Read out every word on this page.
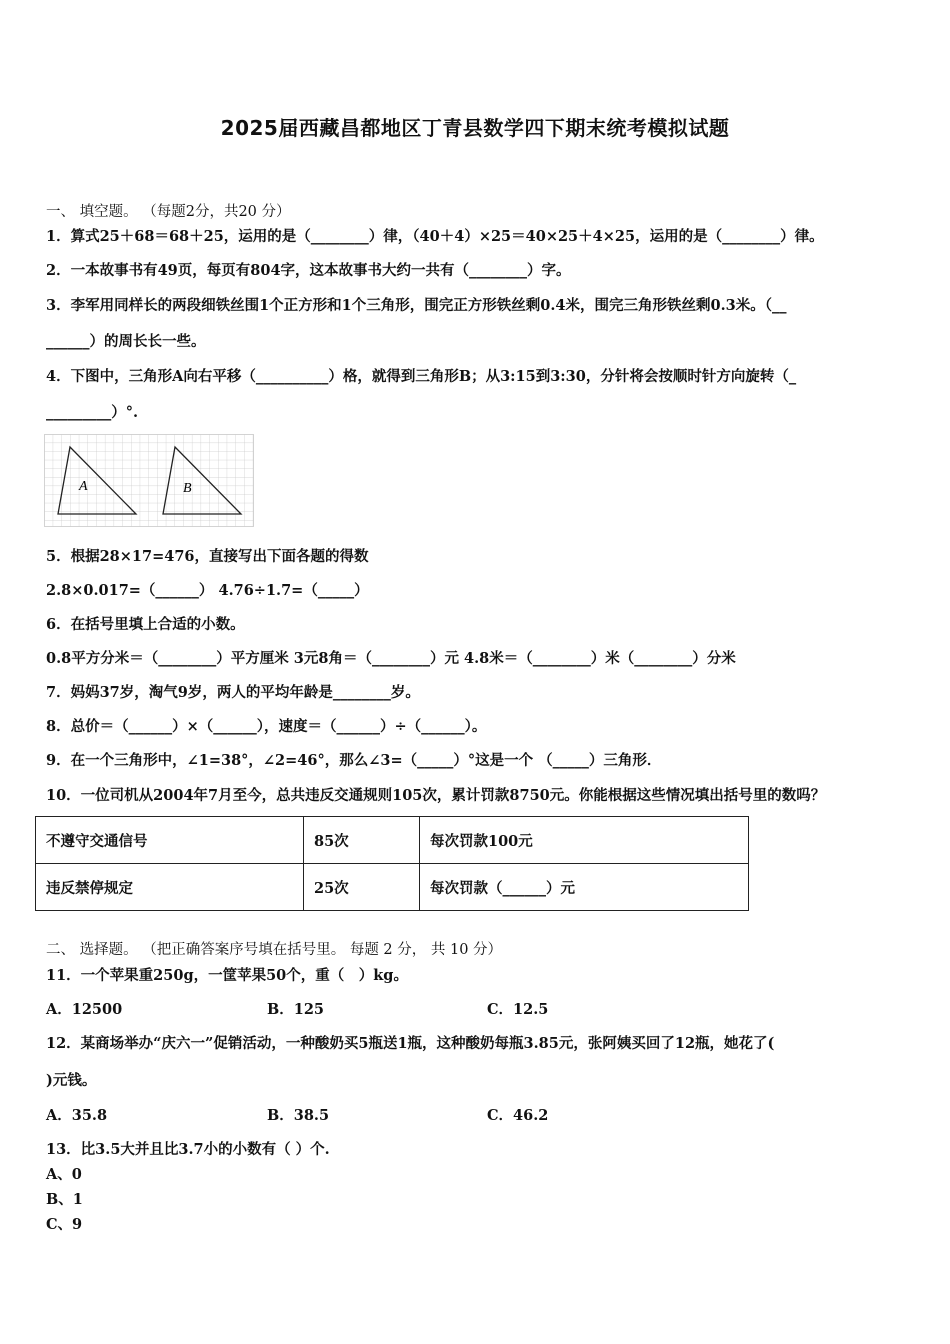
2025届西藏昌都地区丁青县数学四下期末统考模拟试题
一、 填空题。 （每题2分，共20 分）
1．算式25＋68＝68＋25，运用的是（________）律，（40＋4）×25＝40×25＋4×25，运用的是（________）律。
2．一本故事书有49页，每页有804字，这本故事书大约一共有（________）字。
3．李军用同样长的两段细铁丝围1个正方形和1个三角形，围完正方形铁丝剩0.4米，围完三角形铁丝剩0.3米。（__
______）的周长长一些。
4．下图中，三角形A向右平移（__________）格，就得到三角形B；从3:15到3:30，分针将会按顺时针方向旋转（_
_________）°.
A	B
5．根据28×17=476，直接写出下面各题的得数
2.8×0.017=（______） 4.76÷1.7=（_____）
6．在括号里填上合适的小数。
0.8平方分米＝（________）平方厘米 3元8角＝（________）元 4.8米＝（________）米（________）分米
7．妈妈37岁，淘气9岁，两人的平均年龄是________岁。
8．总价＝（______）×（______），速度＝（______）÷（______）。
9．在一个三角形中，∠1=38°，∠2=46°，那么∠3=（_____）°这是一个 （_____）三角形．
10．一位司机从2004年7月至今，总共违反交通规则105次，累计罚款8750元。你能根据这些情况填出括号里的数吗？
不遵守交通信号	85次	每次罚款100元
违反禁停规定	25次	每次罚款（______）元
二、 选择题。 （把正确答案序号填在括号里。 每题 2 分， 共 10 分）
11．一个苹果重250g，一筐苹果50个，重（　）kg。
A．12500	B．125	C．12.5
12．某商场举办“庆六一”促销活动，一种酸奶买5瓶送1瓶，这种酸奶每瓶3.85元，张阿姨买回了12瓶，她花了(
)元钱。
A．35.8	B．38.5	C．46.2
13．比3.5大并且比3.7小的小数有（ ）个.
A、0
B、1
C、9
